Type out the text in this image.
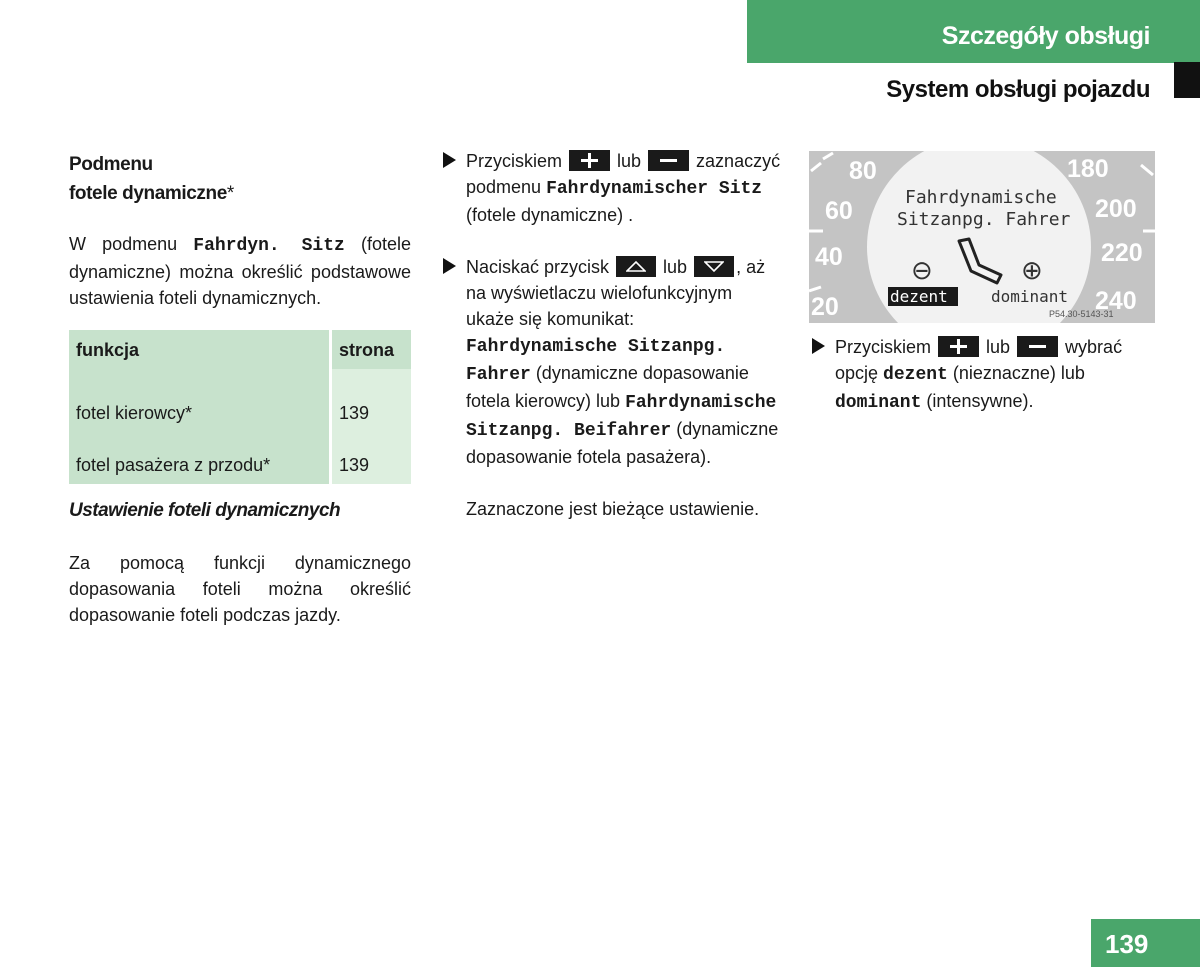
Szczegóły obsługi
System obsługi pojazdu

Podmenu
fotele dynamiczne*

W podmenu Fahrdyn. Sitz (fotele dynamiczne) można określić podstawowe ustawienia foteli dynamicznych.

funkcja	strona
fotel kierowcy*	139
fotel pasażera z przodu*	139

Ustawienie foteli dynamicznych

Za pomocą funkcji dynamicznego dopasowania foteli można określić dopasowanie foteli podczas jazdy.

Przyciskiem	lub	zaznaczyć podmenu Fahrdynamischer Sitz (fotele dynamiczne) .
Naciskać przycisk
lub
, aż na wyświetlaczu wielofunkcyjnym ukaże się komunikat: Fahrdynamische Sitzanpg. Fahrer (dynamiczne dopasowanie fotela kierowcy) lub Fahrdynamische Sitzanpg. Beifahrer (dynamiczne dopasowanie fotela pasażera).

Zaznaczone jest bieżące ustawienie.

80
60
40
20
180
200
220
240
Fahrdynamische
Sitzanpg. Fahrer
⊖	⊕
dezent	dominant
P54.30-5143-31
Przyciskiem	lub	wybrać opcję dezent (nieznaczne) lub dominant (intensywne).
139
